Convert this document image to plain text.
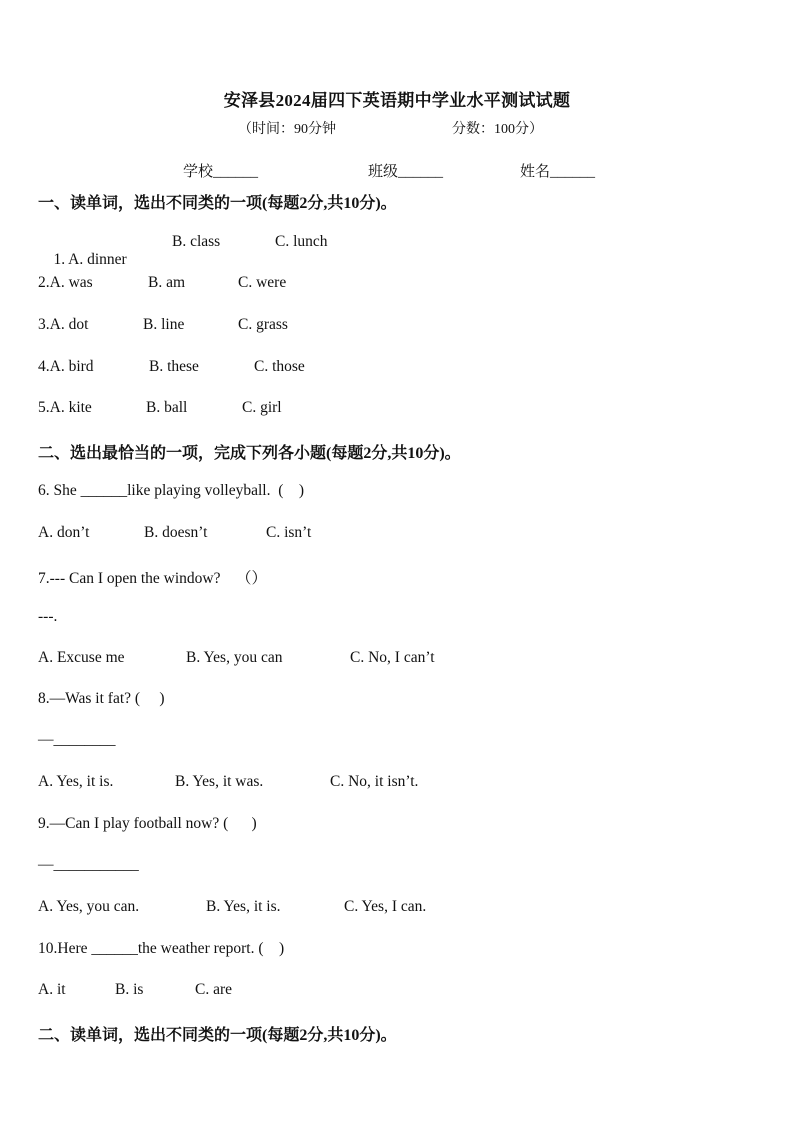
安泽县2024届四下英语期中学业水平测试试题
（时间：90分钟	分数：100分）
学校______	班级______	姓名______
一、读单词，选出不同类的一项(每题2分,共10分)。

1. A. dinner

B. class	C. lunch
2.A. was	B. am	C. were
3.A. dot	B. line	C. grass
4.A. bird	B. these	C. those
5.A. kite	B. ball	C. girl
二、选出最恰当的一项，完成下列各小题(每题2分,共10分)。
6. She ______like playing volleyball.  (    )
A. don’t	B. doesn’t	C. isn’t
7.--- Can I open the window?    （）
---.
A. Excuse me	B. Yes, you can	C. No, I can’t
8.—Was it fat? (     )
—________
A. Yes, it is.	B. Yes, it was.	C. No, it isn’t.
9.—Can I play football now? (      )
—___________
A. Yes, you can.	B. Yes, it is.	C. Yes, I can.
10.Here ______the weather report. (    )
A. it	B. is	C. are
二、读单词，选出不同类的一项(每题2分,共10分)。
